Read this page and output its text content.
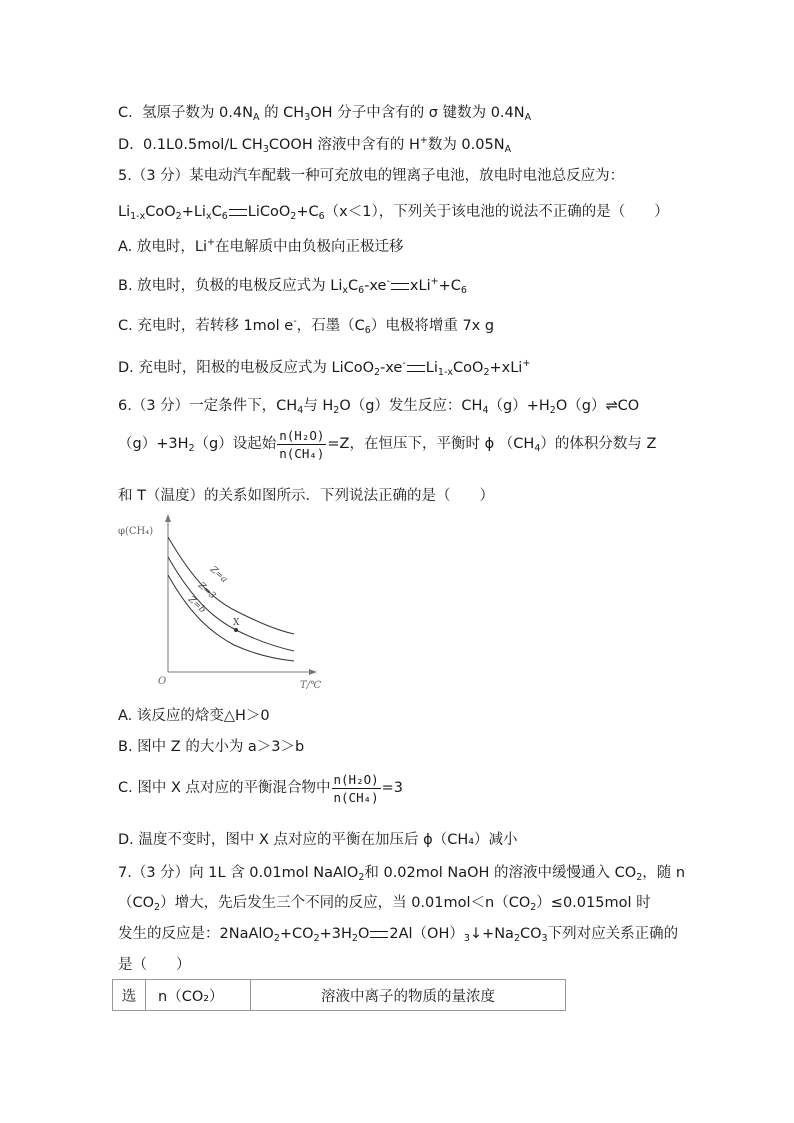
C. 氢原子数为 $0.4N_A$ 的 $CH_3OH$ 分子中含有的 σ 键数为 $0.4N_A$
D. 0.1L0.5mol/L $CH_3COOH$ 溶液中含有的 H+数为 $0.05N_A$
5.（3 分）某电动汽车配载一种可充放电的锂离子电池，放电时电池总反应为：
$Li_{1-x}CoO_2+Li_xC_6$ $LiCoO_2+C_6(x<1)$，下列关于该电池的说法不正确的是（　　）
A. 放电时，Li+在电解质中由负极向正极迁移
B. 放电时，负极的电极反应式为 $Li_xC_6-xe^-$ $xLi^++C_6$
C. 充电时，若转移 1mol e-，石墨$(C_6)$电极将增重 7x g
D. 充电时，阳极的电极反应式为 LiCoO$_2$-xe- $Li_{1-x}CoO_2+xLi^+$
6.（3 分）一定条件下，$CH_4$与 $H_2O(g)$发生反应：$CH_4(g)+H_2O(g)\rightleftharpoons CO$
$(g)+3H_2(g)$设起始 $\frac{\text{n(H₂O)}}{\text{n(CH₄)}} =Z$，在恒压下，平衡时 ϕ $(CH_4)$的体积分数与 Z
和 T（温度）的关系如图所示．下列说法正确的是（　　）
φ(CH₄)
T/℃
O
Z=a
Z=3
Z=b
X
A. 该反应的焓变△H＞0
B. 图中 Z 的大小为 a＞3＞b
C. 图中 X 点对应的平衡混合物中 $\frac{\text{n(H₂O)}}{\text{n(CH₄)}} =3$
D. 温度不变时，图中 X 点对应的平衡在加压后 ϕ（CH₄）减小
7.（3 分）向 1L 含 0.01mol NaAlO$_2$和 0.02mol NaOH 的溶液中缓慢通入 $CO_2$，随 n
$(CO_2)$增大，先后发生三个不同的反应，当 $0.01mol<n(CO_2)\le 0.015mol$ 时
发生的反应是：$2NaAlO_2+CO_2+3H_2O$ $2Al(OH)_3↓+Na_2CO_3$下列对应关系正确的
是（　　）
选	n（CO₂）	溶液中离子的物质的量浓度
